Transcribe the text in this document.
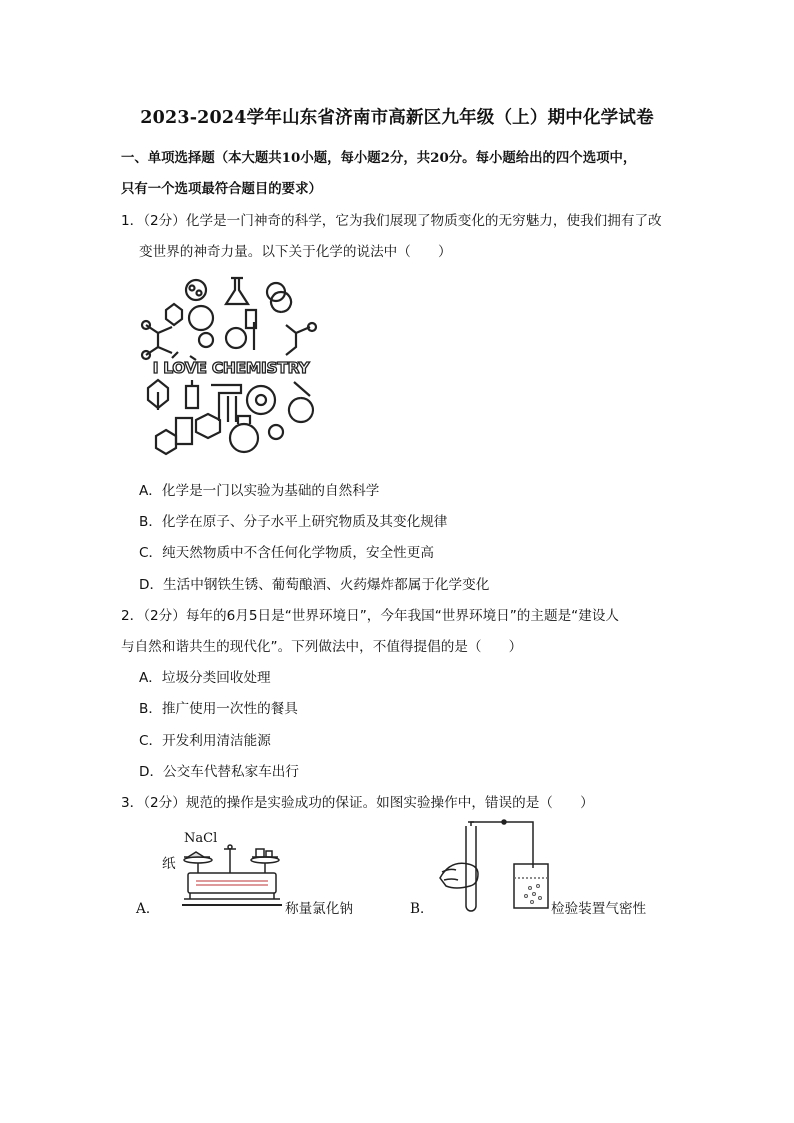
2023-2024学年山东省济南市高新区九年级（上）期中化学试卷
一、单项选择题（本大题共10小题，每小题2分，共20分。每小题给出的四个选项中，
只有一个选项最符合题目的要求）
1．（2分）化学是一门神奇的科学，它为我们展现了物质变化的无穷魅力，使我们拥有了改
变世界的神奇力量。以下关于化学的说法中（　　）
I LOVE CHEMISTRY
A．化学是一门以实验为基础的自然科学
B．化学在原子、分子水平上研究物质及其变化规律
C．纯天然物质中不含任何化学物质，安全性更高
D．生活中钢铁生锈、葡萄酿酒、火药爆炸都属于化学变化
2．（2分）每年的6月5日是“世界环境日”，今年我国“世界环境日”的主题是“建设人
与自然和谐共生的现代化”。下列做法中，不值得提倡的是（　　）
A．垃圾分类回收处理
B．推广使用一次性的餐具
C．开发利用清洁能源
D．公交车代替私家车出行
3．（2分）规范的操作是实验成功的保证。如图实验操作中，错误的是（　　）
NaCl
纸
A．	称量氯化钠	B．	检验装置气密性
